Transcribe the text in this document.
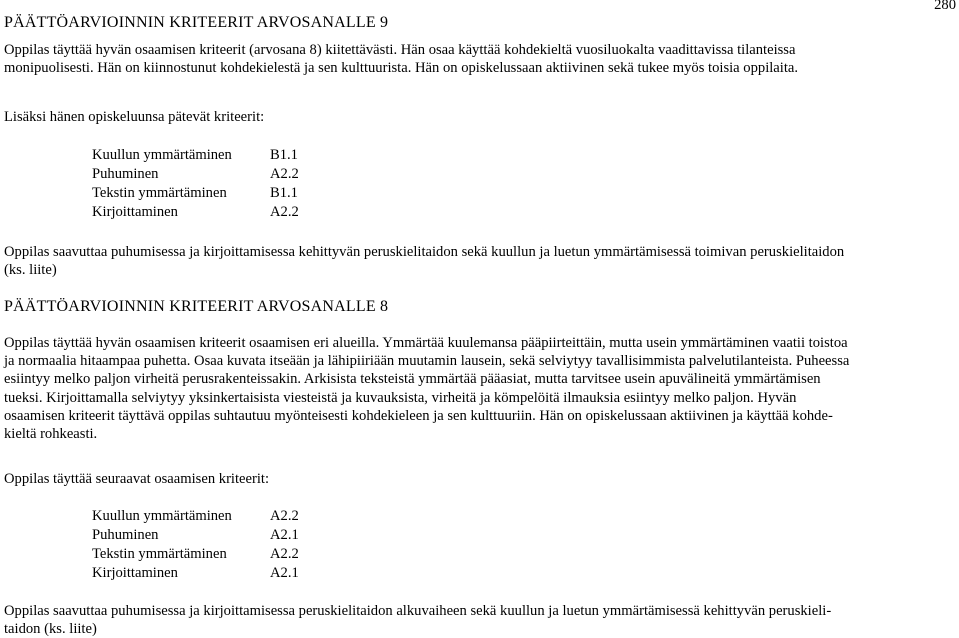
280
PÄÄTTÖARVIOINNIN KRITEERIT ARVOSANALLE 9

Oppilas täyttää hyvän osaamisen kriteerit (arvosana 8) kiitettävästi. Hän osaa käyttää kohdekieltä vuosiluokalta vaadittavissa tilanteissa
monipuolisesti. Hän on kiinnostunut kohdekielestä ja sen kulttuurista. Hän on opiskelussaan aktiivinen sekä tukee myös toisia oppilaita.

Lisäksi hänen opiskeluunsa pätevät kriteerit:

Kuullun ymmärtäminen	B1.1
Puhuminen	A2.2
Tekstin ymmärtäminen	B1.1
Kirjoittaminen	A2.2

Oppilas saavuttaa puhumisessa ja kirjoittamisessa kehittyvän peruskielitaidon sekä kuullun ja luetun ymmärtämisessä toimivan peruskielitaidon
(ks. liite)

PÄÄTTÖARVIOINNIN KRITEERIT ARVOSANALLE 8

Oppilas täyttää hyvän osaamisen kriteerit osaamisen eri alueilla. Ymmärtää kuulemansa pääpiirteittäin, mutta usein ymmärtäminen vaatii toistoa
ja normaalia hitaampaa puhetta. Osaa kuvata itseään ja lähipiiriään muutamin lausein, sekä selviytyy tavallisimmista palvelutilanteista. Puheessa
esiintyy melko paljon virheitä perusrakenteissakin. Arkisista teksteistä ymmärtää pääasiat, mutta tarvitsee usein apuvälineitä ymmärtämisen
tueksi. Kirjoittamalla selviytyy yksinkertaisista viesteistä ja kuvauksista, virheitä ja kömpelöitä ilmauksia esiintyy melko paljon. Hyvän
osaamisen kriteerit täyttävä oppilas suhtautuu myönteisesti kohdekieleen ja sen kulttuuriin. Hän on opiskelussaan aktiivinen ja käyttää kohde-
kieltä rohkeasti.

Oppilas täyttää seuraavat osaamisen kriteerit:

Kuullun ymmärtäminen	A2.2
Puhuminen	A2.1
Tekstin ymmärtäminen	A2.2
Kirjoittaminen	A2.1

Oppilas saavuttaa puhumisessa ja kirjoittamisessa peruskielitaidon alkuvaiheen sekä kuullun ja luetun ymmärtämisessä kehittyvän peruskieli-
taidon (ks. liite)
